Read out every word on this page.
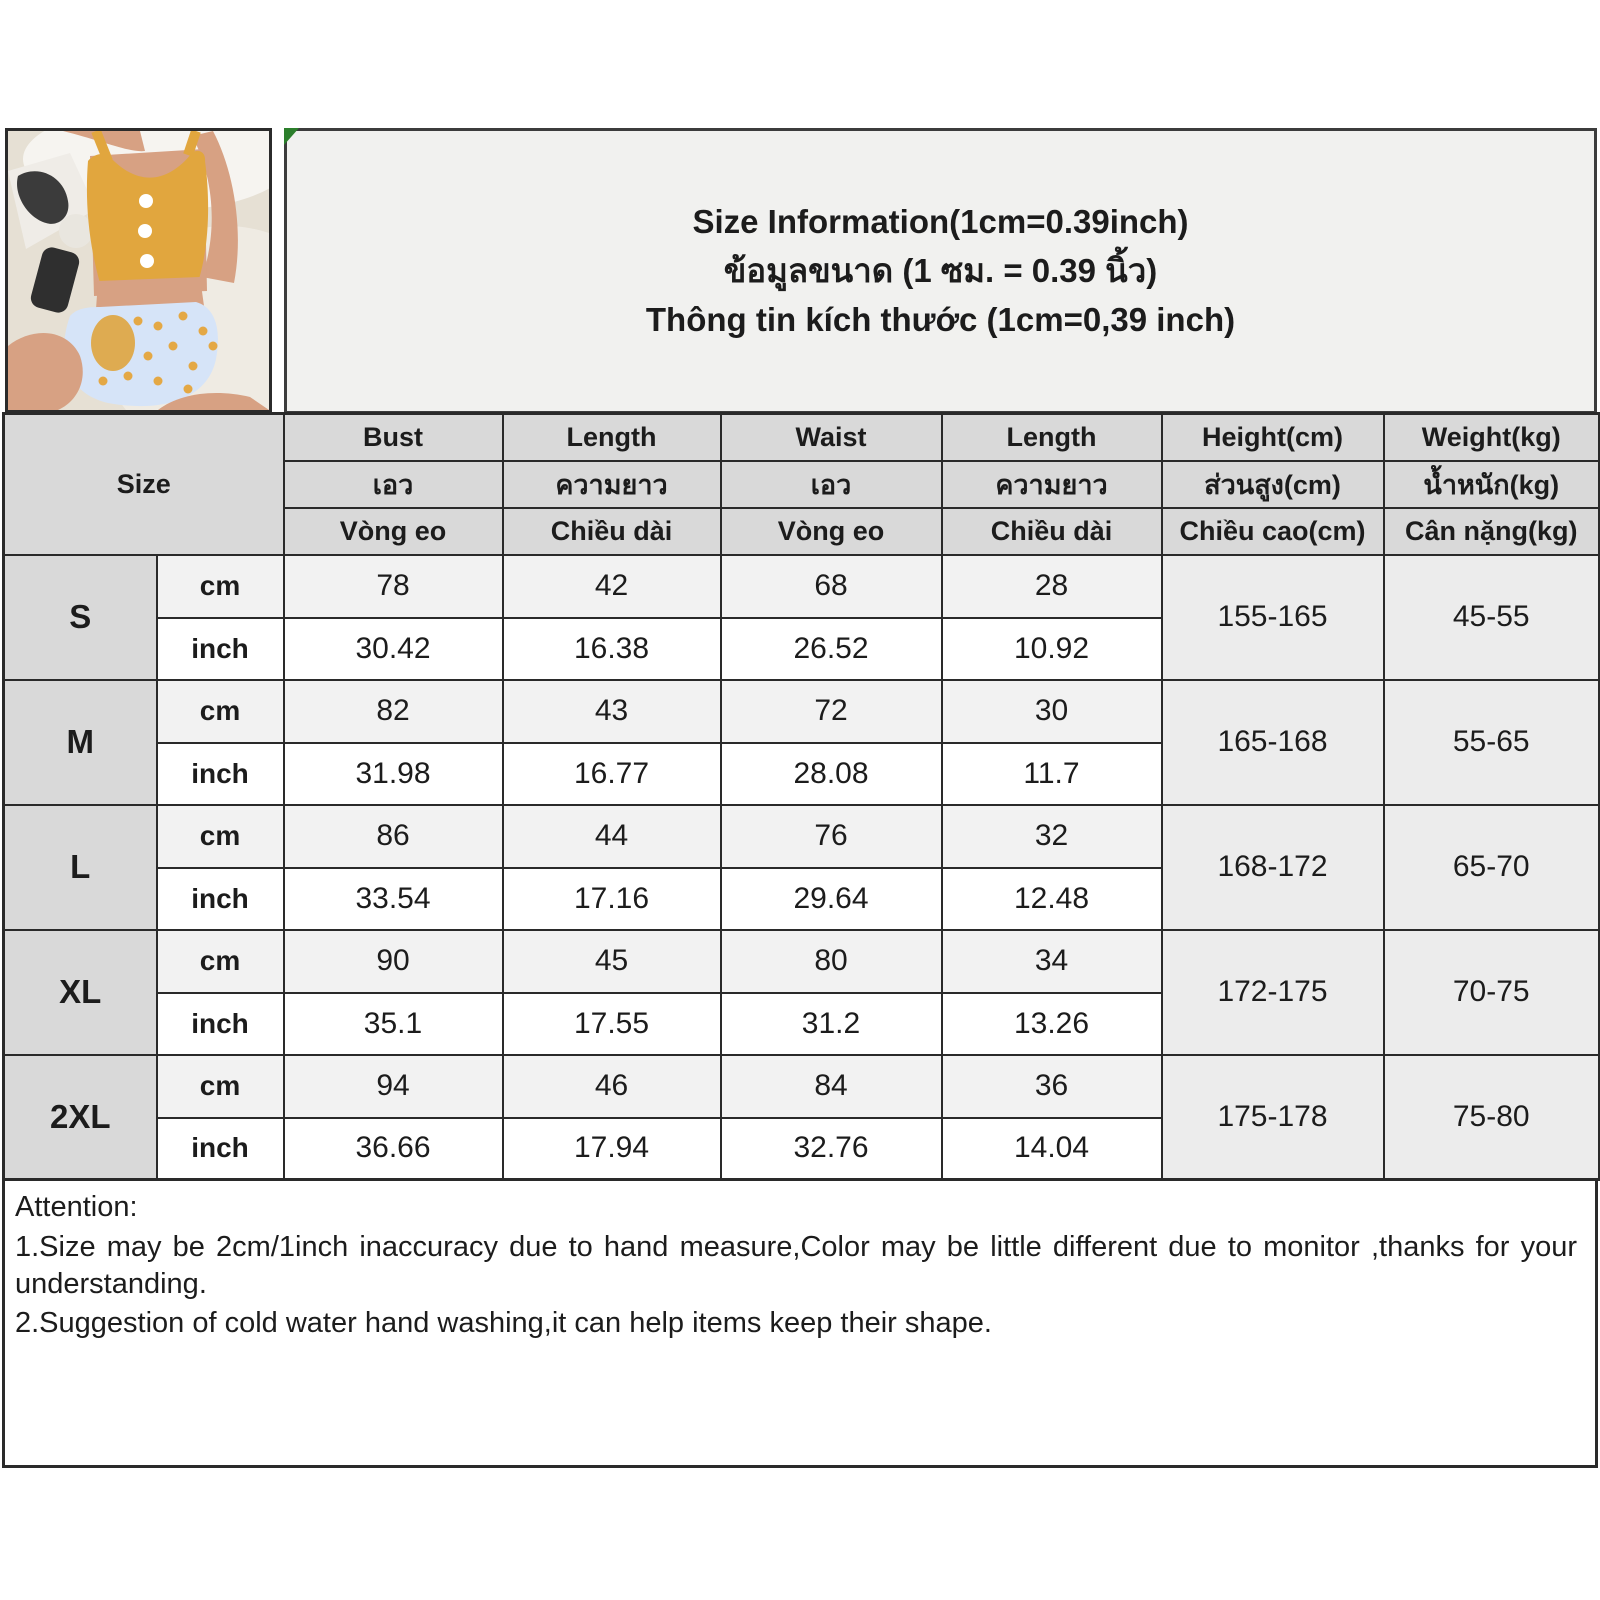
Size Information(1cm=0.39inch)
ข้อมูลขนาด (1 ซม. = 0.39 นิ้ว)
Thông tin kích thước (1cm=0,39 inch)
Size		Bust	Length	Waist	Length	Height(cm)	Weight(kg)
		เอว	ความยาว	เอว	ความยาว	ส่วนสูง(cm)	น้ำหนัก(kg)
		Vòng eo	Chiều dài	Vòng eo	Chiều dài	Chiều cao(cm)	Cân nặng(kg)
S	cm	78	42	68	28	155-165	45-55
	inch	30.42	16.38	26.52	10.92		
M	cm	82	43	72	30	165-168	55-65
	inch	31.98	16.77	28.08	11.7		
L	cm	86	44	76	32	168-172	65-70
	inch	33.54	17.16	29.64	12.48		
XL	cm	90	45	80	34	172-175	70-75
	inch	35.1	17.55	31.2	13.26		
2XL	cm	94	46	84	36	175-178	75-80
	inch	36.66	17.94	32.76	14.04		

Attention:

1.Size may be 2cm/1inch inaccuracy due to hand measure,Color may be little different due to monitor ,thanks for your understanding.

2.Suggestion of cold water hand washing,it can help items keep their shape.
